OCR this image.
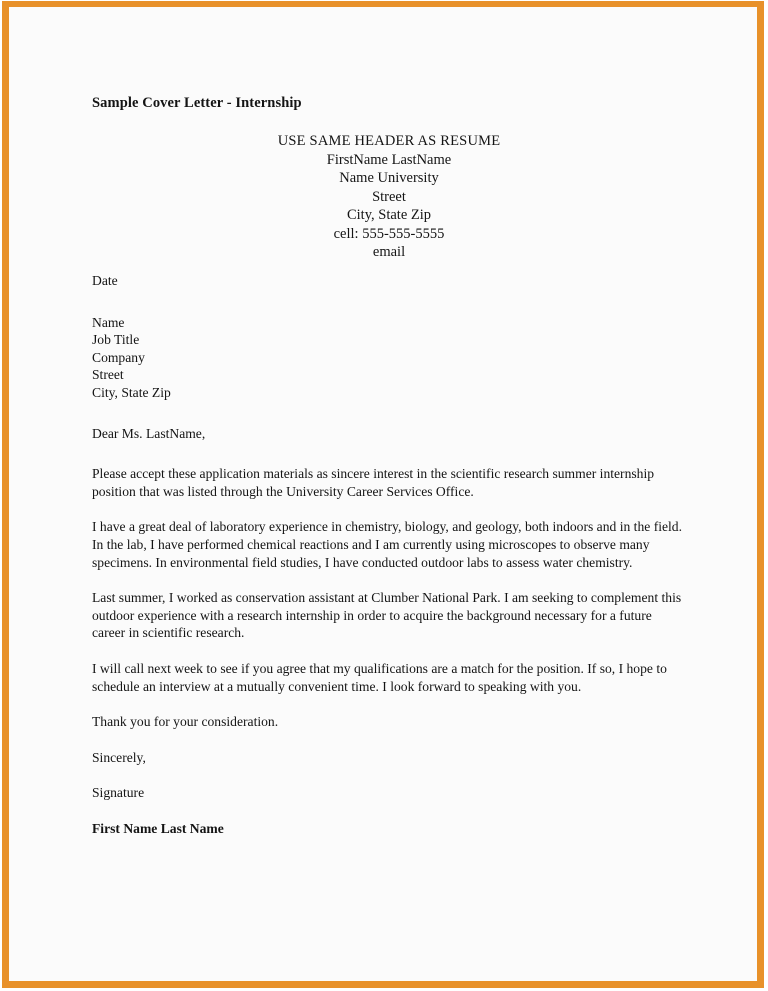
Sample Cover Letter - Internship
USE SAME HEADER AS RESUME
FirstName LastName
Name University
Street
City, State Zip
cell: 555-555-5555
email
Date
Name
Job Title
Company
Street
City, State Zip
Dear Ms. LastName,

Please accept these application materials as sincere interest in the scientific research summer internship position that was listed through the University Career Services Office.

I have a great deal of laboratory experience in chemistry, biology, and geology, both indoors and in the field. In the lab, I have performed chemical reactions and I am currently using microscopes to observe many specimens. In environmental field studies, I have conducted outdoor labs to assess water chemistry.

Last summer, I worked as conservation assistant at Clumber National Park. I am seeking to complement this outdoor experience with a research internship in order to acquire the background necessary for a future career in scientific research.

I will call next week to see if you agree that my qualifications are a match for the position. If so, I hope to schedule an interview at a mutually convenient time. I look forward to speaking with you.

Thank you for your consideration.

Sincerely,

Signature

First Name Last Name
